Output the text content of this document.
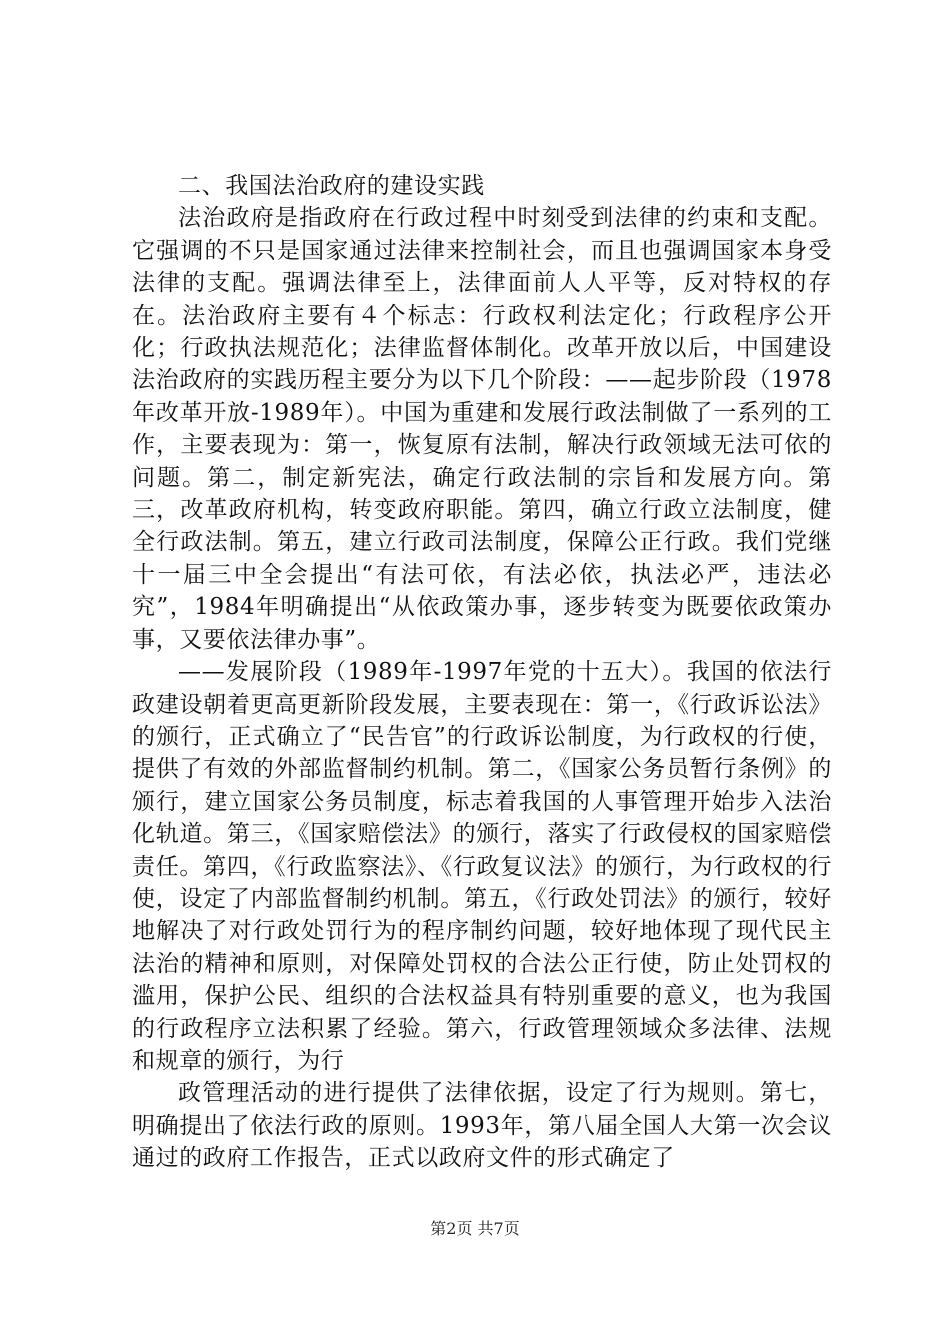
二、我国法治政府的建设实践

法治政府是指政府在行政过程中时刻受到法律的约束和支配。它强调的不只是国家通过法律来控制社会，而且也强调国家本身受法律的支配。强调法律至上，法律面前人人平等，反对特权的存在。法治政府主要有４个标志：行政权利法定化；行政程序公开化；行政执法规范化；法律监督体制化。改革开放以后，中国建设法治政府的实践历程主要分为以下几个阶段：——起步阶段（1978年改革开放-1989年）。中国为重建和发展行政法制做了一系列的工作，主要表现为：第一，恢复原有法制，解决行政领域无法可依的问题。第二，制定新宪法，确定行政法制的宗旨和发展方向。第三，改革政府机构，转变政府职能。第四，确立行政立法制度，健全行政法制。第五，建立行政司法制度，保障公正行政。我们党继十一届三中全会提出“有法可依，有法必依，执法必严，违法必究”，1984年明确提出“从依政策办事，逐步转变为既要依政策办事，又要依法律办事”。

——发展阶段（1989年-1997年党的十五大）。我国的依法行政建设朝着更高更新阶段发展，主要表现在：第一，《行政诉讼法》的颁行，正式确立了“民告官”的行政诉讼制度，为行政权的行使，提供了有效的外部监督制约机制。第二，《国家公务员暂行条例》的颁行，建立国家公务员制度，标志着我国的人事管理开始步入法治化轨道。第三，《国家赔偿法》的颁行，落实了行政侵权的国家赔偿责任。第四，《行政监察法》、《行政复议法》的颁行，为行政权的行使，设定了内部监督制约机制。第五，《行政处罚法》的颁行，较好地解决了对行政处罚行为的程序制约问题，较好地体现了现代民主法治的精神和原则，对保障处罚权的合法公正行使，防止处罚权的滥用，保护公民、组织的合法权益具有特别重要的意义，也为我国的行政程序立法积累了经验。第六，行政管理领域众多法律、法规和规章的颁行，为行

政管理活动的进行提供了法律依据，设定了行为规则。第七，明确提出了依法行政的原则。1993年，第八届全国人大第一次会议通过的政府工作报告，正式以政府文件的形式确定了

第2页 共7页
